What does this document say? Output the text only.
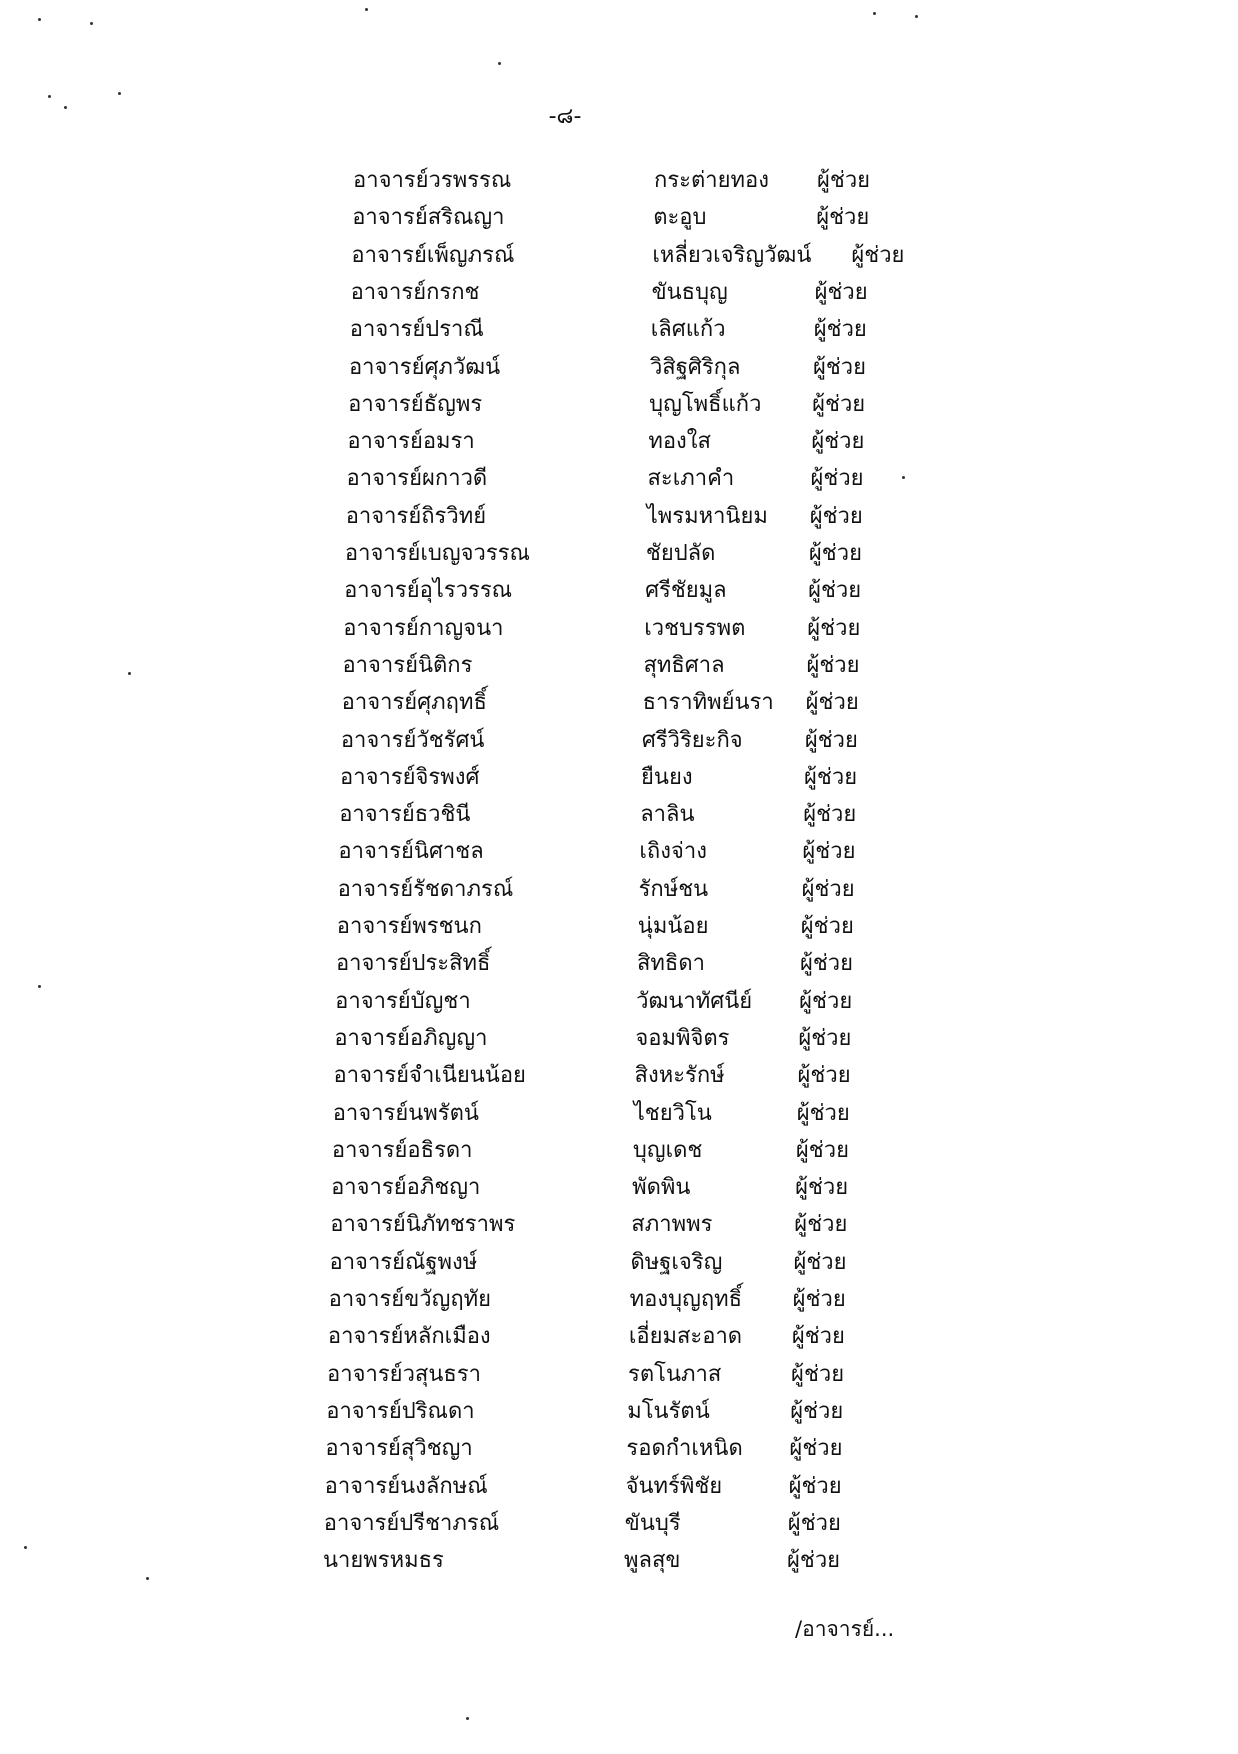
-๘-
อาจารย์วรพรรณ	กระต่ายทอง ผู้ช่วย
อาจารย์สริณญา	ตะอูบ	ผู้ช่วย
อาจารย์เพ็ญภรณ์	เหลี่ยวเจริญวัฒน์ ผู้ช่วย
อาจารย์กรกช	ขันธบุญ	ผู้ช่วย
อาจารย์ปราณี	เลิศแก้ว	ผู้ช่วย
อาจารย์ศุภวัฒน์	วิสิฐศิริกุล	ผู้ช่วย
อาจารย์ธัญพร	บุญโพธิ์แก้ว ผู้ช่วย
อาจารย์อมรา	ทองใส	ผู้ช่วย
อาจารย์ผกาวดี	สะเภาคำ	ผู้ช่วย
อาจารย์ถิรวิทย์	ไพรมหานิยม ผู้ช่วย
อาจารย์เบญจวรรณ	ชัยปลัด	ผู้ช่วย
อาจารย์อุไรวรรณ	ศรีชัยมูล	ผู้ช่วย
อาจารย์กาญจนา	เวชบรรพต	ผู้ช่วย
อาจารย์นิติกร	สุทธิศาล	ผู้ช่วย
อาจารย์ศุภฤทธิ์	ธาราทิพย์นรา ผู้ช่วย
อาจารย์วัชรัศน์	ศรีวิริยะกิจ	ผู้ช่วย
อาจารย์จิรพงศ์	ยืนยง	ผู้ช่วย
อาจารย์ธวชินี	ลาลิน	ผู้ช่วย
อาจารย์นิศาชล	เถิงจ่าง	ผู้ช่วย
อาจารย์รัชดาภรณ์	รักษ์ชน	ผู้ช่วย
อาจารย์พรชนก	นุ่มน้อย	ผู้ช่วย
อาจารย์ประสิทธิ์	สิทธิดา	ผู้ช่วย
อาจารย์บัญชา	วัฒนาทัศนีย์ ผู้ช่วย
อาจารย์อภิญญา	จอมพิจิตร	ผู้ช่วย
อาจารย์จำเนียนน้อย	สิงหะรักษ์	ผู้ช่วย
อาจารย์นพรัตน์	ไชยวิโน	ผู้ช่วย
อาจารย์อธิรดา	บุญเดช	ผู้ช่วย
อาจารย์อภิชญา	พัดพิน	ผู้ช่วย
อาจารย์นิภัทชราพร	สภาพพร	ผู้ช่วย
อาจารย์ณัฐพงษ์	ดิษฐเจริญ	ผู้ช่วย
อาจารย์ขวัญฤทัย	ทองบุญฤทธิ์ ผู้ช่วย
อาจารย์หลักเมือง	เอี่ยมสะอาด ผู้ช่วย
อาจารย์วสุนธรา	รตโนภาส	ผู้ช่วย
อาจารย์ปริณดา	มโนรัตน์	ผู้ช่วย
อาจารย์สุวิชญา	รอดกำเหนิด ผู้ช่วย
อาจารย์นงลักษณ์	จันทร์พิชัย	ผู้ช่วย
อาจารย์ปรีชาภรณ์	ขันบุรี	ผู้ช่วย
นายพรหมธร	พูลสุข	ผู้ช่วย
/อาจารย์...
